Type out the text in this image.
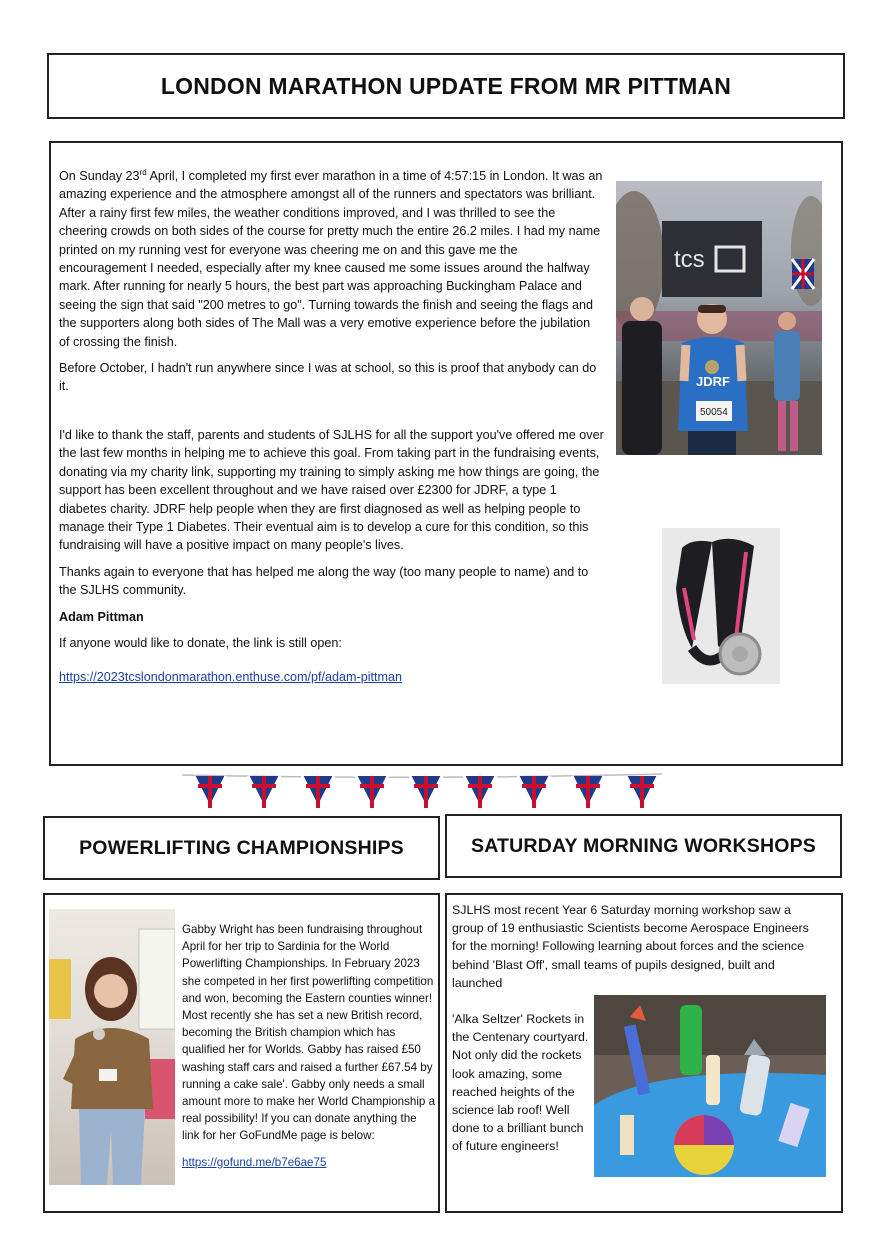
LONDON MARATHON UPDATE FROM MR PITTMAN

On Sunday 23rd April, I completed my first ever marathon in a time of 4:57:15 in London. It was an amazing experience and the atmosphere amongst all of the runners and spectators was brilliant. After a rainy first few miles, the weather conditions improved, and I was thrilled to see the cheering crowds on both sides of the course for pretty much the entire 26.2 miles. I had my name printed on my running vest for everyone was cheering me on and this gave me the encouragement I needed, especially after my knee caused me some issues around the halfway mark. After running for nearly 5 hours, the best part was approaching Buckingham Palace and seeing the sign that said "200 metres to go". Turning towards the finish and seeing the flags and the supporters along both sides of The Mall was a very emotive experience before the jubilation of crossing the finish.

Before October, I hadn't run anywhere since I was at school, so this is proof that anybody can do it.

I'd like to thank the staff, parents and students of SJLHS for all the support you've offered me over the last few months in helping me to achieve this goal. From taking part in the fundraising events, donating via my charity link, supporting my training to simply asking me how things are going, the support has been excellent throughout and we have raised over £2300 for JDRF, a type 1 diabetes charity. JDRF help people when they are first diagnosed as well as helping people to manage their Type 1 Diabetes. Their eventual aim is to develop a cure for this condition, so this fundraising will have a positive impact on many people's lives.

Thanks again to everyone that has helped me along the way (too many people to name) and to the SJLHS community.

Adam Pittman

If anyone would like to donate, the link is still open:

https://2023tcslondonmarathon.enthuse.com/pf/adam-pittman

tcs
JDRF
50054
POWERLIFTING CHAMPIONSHIPS	SATURDAY MORNING WORKSHOPS

Gabby Wright has been fundraising throughout April for her trip to Sardinia for the World Powerlifting Championships. In February 2023 she competed in her first powerlifting competition and won, becoming the Eastern counties winner! Most recently she has set a new British record, becoming the British champion which has qualified her for Worlds. Gabby has raised £50 washing staff cars and raised a further £67.54 by running a cake sale'. Gabby only needs a small amount more to make her World Championship a real possibility! If you can donate anything the link for her GoFundMe page is below:

https://gofund.me/b7e6ae75

SJLHS most recent Year 6 Saturday morning workshop saw a group of 19 enthusiastic Scientists become Aerospace Engineers for the morning! Following learning about forces and the science behind 'Blast Off', small teams of pupils designed, built and launched

'Alka Seltzer' Rockets in the Centenary courtyard. Not only did the rockets look amazing, some reached heights of the science lab roof! Well done to a brilliant bunch of future engineers!
